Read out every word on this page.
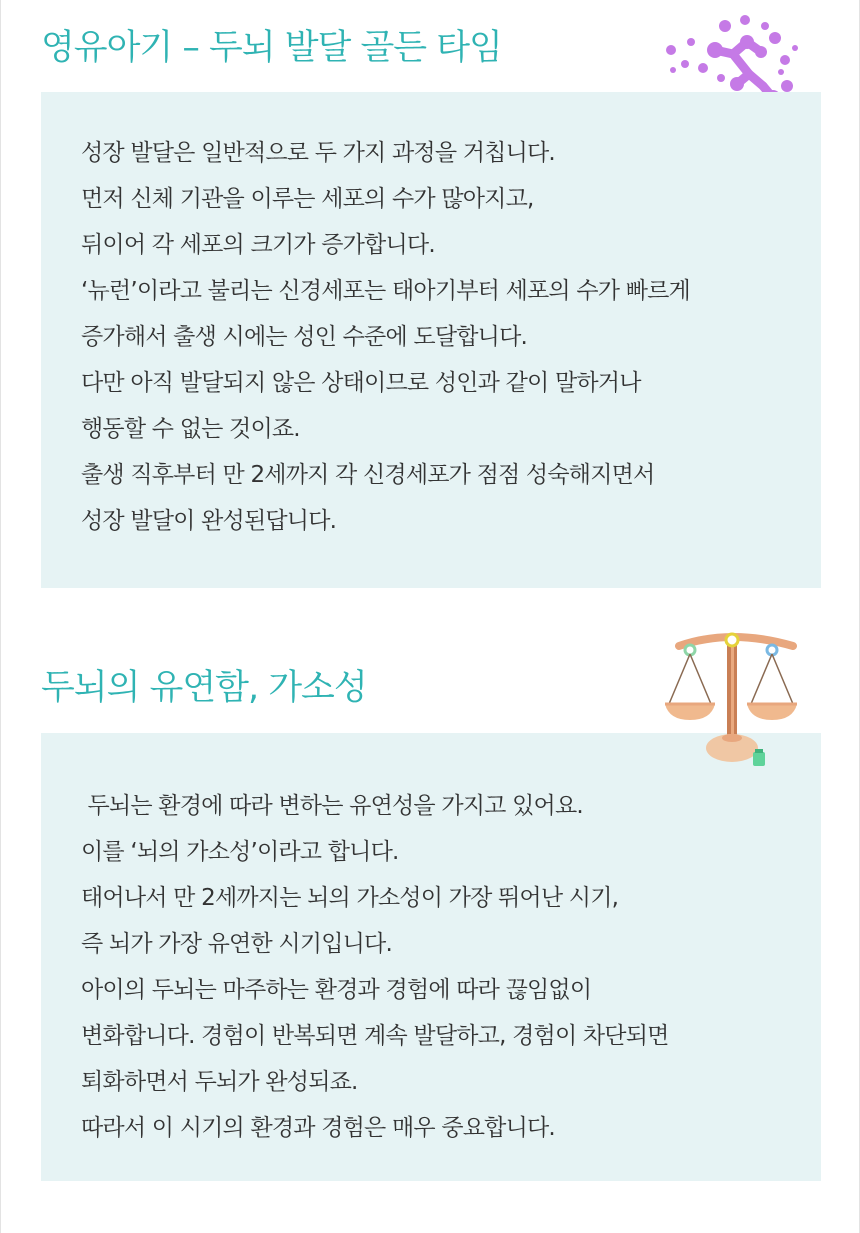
영유아기 – 두뇌 발달 골든 타임
성장 발달은 일반적으로 두 가지 과정을 거칩니다.
먼저 신체 기관을 이루는 세포의 수가 많아지고,
뒤이어 각 세포의 크기가 증가합니다.
‘뉴런’이라고 불리는 신경세포는 태아기부터 세포의 수가 빠르게
증가해서 출생 시에는 성인 수준에 도달합니다.
다만 아직 발달되지 않은 상태이므로 성인과 같이 말하거나
행동할 수 없는 것이죠.
출생 직후부터 만 2세까지 각 신경세포가 점점 성숙해지면서
성장 발달이 완성된답니다.
두뇌의 유연함, 가소성
두뇌는 환경에 따라 변하는 유연성을 가지고 있어요.
이를 ‘뇌의 가소성’이라고 합니다.
태어나서 만 2세까지는 뇌의 가소성이 가장 뛰어난 시기,
즉 뇌가 가장 유연한 시기입니다.
아이의 두뇌는 마주하는 환경과 경험에 따라 끊임없이
변화합니다. 경험이 반복되면 계속 발달하고, 경험이 차단되면
퇴화하면서 두뇌가 완성되죠.
따라서 이 시기의 환경과 경험은 매우 중요합니다.
